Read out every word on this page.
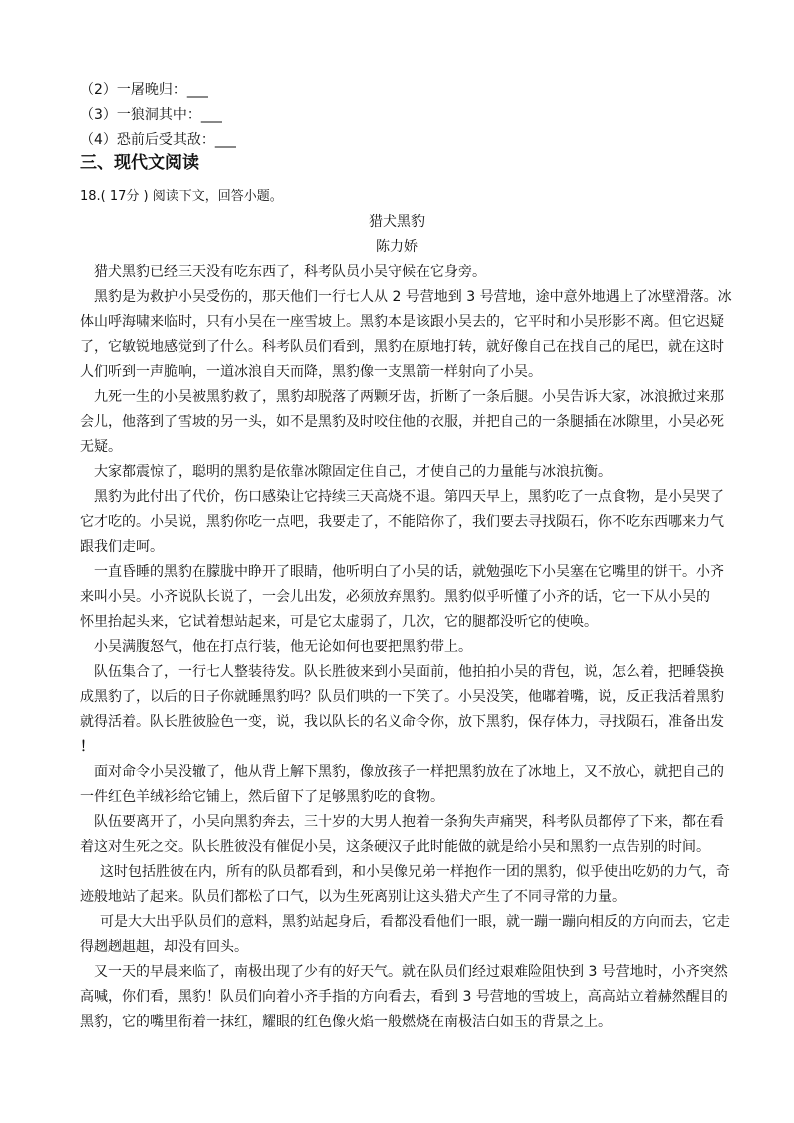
（2）一屠晚归：___
（3）一狼洞其中：___
（4）恐前后受其敌：___
三、现代文阅读
18.( 17分 ) 阅读下文，回答小题。
猎犬黑豹
陈力娇
猎犬黑豹已经三天没有吃东西了，科考队员小吴守候在它身旁。
黑豹是为救护小吴受伤的，那天他们一行七人从 2 号营地到 3 号营地，途中意外地遇上了冰壁滑落。冰
体山呼海啸来临时，只有小吴在一座雪坡上。黑豹本是该跟小吴去的，它平时和小吴形影不离。但它迟疑
了，它敏锐地感觉到了什么。科考队员们看到，黑豹在原地打转，就好像自己在找自己的尾巴，就在这时
人们听到一声脆响，一道冰浪自天而降，黑豹像一支黑箭一样射向了小吴。
九死一生的小吴被黑豹救了，黑豹却脱落了两颗牙齿，折断了一条后腿。小吴告诉大家，冰浪掀过来那
会儿，他落到了雪坡的另一头，如不是黑豹及时咬住他的衣服，并把自己的一条腿插在冰隙里，小吴必死
无疑。
大家都震惊了，聪明的黑豹是依靠冰隙固定住自己，才使自己的力量能与冰浪抗衡。
黑豹为此付出了代价，伤口感染让它持续三天高烧不退。第四天早上，黑豹吃了一点食物，是小吴哭了
它才吃的。小吴说，黑豹你吃一点吧，我要走了，不能陪你了，我们要去寻找陨石，你不吃东西哪来力气
跟我们走呵。
一直昏睡的黑豹在朦胧中睁开了眼睛，他听明白了小吴的话，就勉强吃下小吴塞在它嘴里的饼干。小齐
来叫小吴。小齐说队长说了，一会儿出发，必须放弃黑豹。黑豹似乎听懂了小齐的话，它一下从小吴的
怀里抬起头来，它试着想站起来，可是它太虚弱了，几次，它的腿都没听它的使唤。
小吴满腹怒气，他在打点行装，他无论如何也要把黑豹带上。
队伍集合了，一行七人整装待发。队长胜彼来到小吴面前，他拍拍小吴的背包，说，怎么着，把睡袋换
成黑豹了，以后的日子你就睡黑豹吗？队员们哄的一下笑了。小吴没笑，他嘟着嘴，说，反正我活着黑豹
就得活着。队长胜彼脸色一变，说，我以队长的名义命令你，放下黑豹，保存体力，寻找陨石，准备出发
！
面对命令小吴没辙了，他从背上解下黑豹，像放孩子一样把黑豹放在了冰地上，又不放心，就把自己的
一件红色羊绒衫给它铺上，然后留下了足够黑豹吃的食物。
队伍要离开了，小吴向黑豹奔去，三十岁的大男人抱着一条狗失声痛哭，科考队员都停了下来，都在看
着这对生死之交。队长胜彼没有催促小吴，这条硬汉子此时能做的就是给小吴和黑豹一点告别的时间。
这时包括胜彼在内，所有的队员都看到，和小吴像兄弟一样抱作一团的黑豹，似乎使出吃奶的力气，奇
迹般地站了起来。队员们都松了口气，以为生死离别让这头猎犬产生了不同寻常的力量。
可是大大出乎队员们的意料，黑豹站起身后，看都没看他们一眼，就一蹦一蹦向相反的方向而去，它走
得趔趔趄趄，却没有回头。
又一天的早晨来临了，南极出现了少有的好天气。就在队员们经过艰难险阻快到 3 号营地时，小齐突然
高喊，你们看，黑豹！队员们向着小齐手指的方向看去，看到 3 号营地的雪坡上，高高站立着赫然醒目的
黑豹，它的嘴里衔着一抹红，耀眼的红色像火焰一般燃烧在南极洁白如玉的背景之上。
